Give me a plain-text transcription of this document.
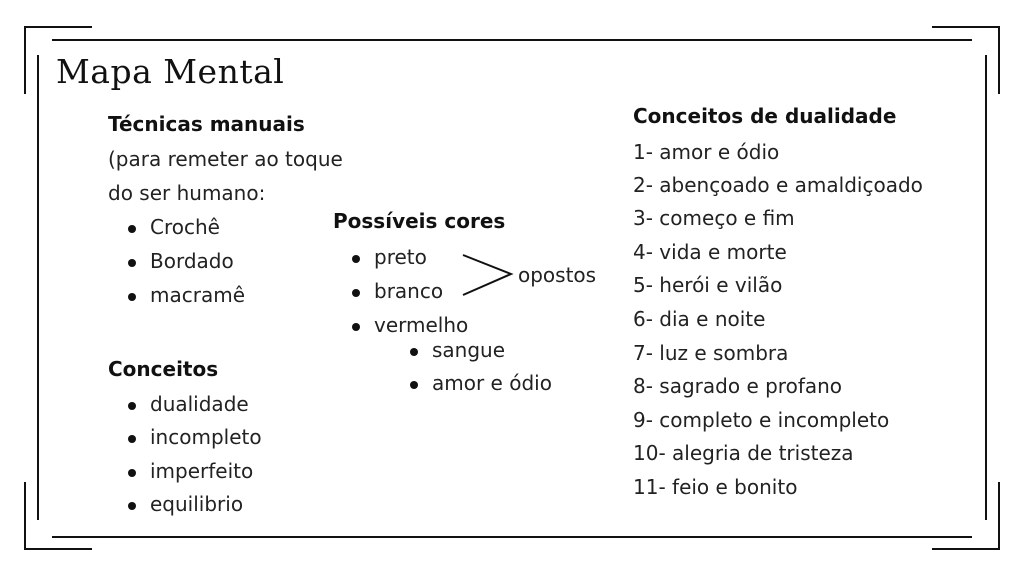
Mapa Mental
Técnicas manuais
(para remeter ao toque
do ser humano:
Crochê
Bordado
macramê
Conceitos
dualidade
incompleto
imperfeito
equilibrio
Possíveis cores
preto
branco
vermelho
opostos
sangue
amor e ódio
Conceitos de dualidade
1- amor e ódio
2- abençoado e amaldiçoado
3- começo e fim
4- vida e morte
5- herói e vilão
6- dia e noite
7- luz e sombra
8- sagrado e profano
9- completo e incompleto
10- alegria de tristeza
11- feio e bonito
